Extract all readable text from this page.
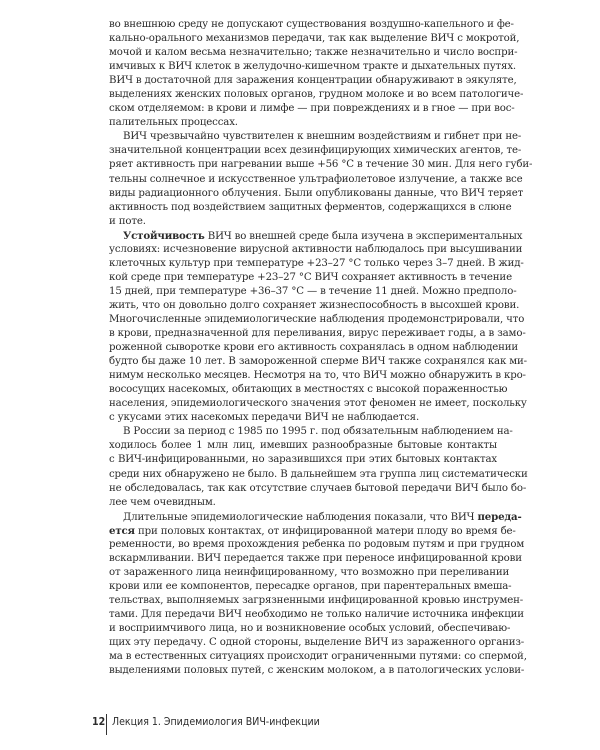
во внешнюю среду не допускают существования воздушно-капельного и фе-
кально-орального механизмов передачи, так как выделение ВИЧ с мокротой,
мочой и калом весьма незначительно; также незначительно и число воспри-
имчивых к ВИЧ клеток в желудочно-кишечном тракте и дыхательных путях.
ВИЧ в достаточной для заражения концентрации обнаруживают в эякуляте,
выделениях женских половых органов, грудном молоке и во всем патологиче-
ском отделяемом: в крови и лимфе — при повреждениях и в гное — при вос-
палительных процессах.
ВИЧ чрезвычайно чувствителен к внешним воздействиям и гибнет при не-
значительной концентрации всех дезинфицирующих химических агентов, те-
ряет активность при нагревании выше +56 °С в течение 30 мин. Для него губи-
тельны солнечное и искусственное ультрафиолетовое излучение, а также все
виды радиационного облучения. Были опубликованы данные, что ВИЧ теряет
активность под воздействием защитных ферментов, содержащихся в слюне
и поте.
Устойчивость ВИЧ во внешней среде была изучена в экспериментальных
условиях: исчезновение вирусной активности наблюдалось при высушивании
клеточных культур при температуре +23–27 °С только через 3–7 дней. В жид-
кой среде при температуре +23–27 °С ВИЧ сохраняет активность в течение
15 дней, при температуре +36–37 °С — в течение 11 дней. Можно предполо-
жить, что он довольно долго сохраняет жизнеспособность в высохшей крови.
Многочисленные эпидемиологические наблюдения продемонстрировали, что
в крови, предназначенной для переливания, вирус переживает годы, а в замо-
роженной сыворотке крови его активность сохранялась в одном наблюдении
будто бы даже 10 лет. В замороженной сперме ВИЧ также сохранялся как ми-
нимум несколько месяцев. Несмотря на то, что ВИЧ можно обнаружить в кро-
вососущих насекомых, обитающих в местностях с высокой пораженностью
населения, эпидемиологического значения этот феномен не имеет, поскольку
с укусами этих насекомых передачи ВИЧ не наблюдается.
В России за период с 1985 по 1995 г. под обязательным наблюдением на-
ходилось более 1 млн лиц, имевших разнообразные бытовые контакты
с ВИЧ-инфицированными, но заразившихся при этих бытовых контактах
среди них обнаружено не было. В дальнейшем эта группа лиц систематически
не обследовалась, так как отсутствие случаев бытовой передачи ВИЧ было бо-
лее чем очевидным.
Длительные эпидемиологические наблюдения показали, что ВИЧ переда-
ется при половых контактах, от инфицированной матери плоду во время бе-
ременности, во время прохождения ребенка по родовым путям и при грудном
вскармливании. ВИЧ передается также при переносе инфицированной крови
от зараженного лица неинфицированному, что возможно при переливании
крови или ее компонентов, пересадке органов, при парентеральных вмеша-
тельствах, выполняемых загрязненными инфицированной кровью инструмен-
тами. Для передачи ВИЧ необходимо не только наличие источника инфекции
и восприимчивого лица, но и возникновение особых условий, обеспечиваю-
щих эту передачу. С одной стороны, выделение ВИЧ из зараженного организ-
ма в естественных ситуациях происходит ограниченными путями: со спермой,
выделениями половых путей, с женским молоком, а в патологических услови-
12 Лекция 1. Эпидемиология ВИЧ-инфекции
